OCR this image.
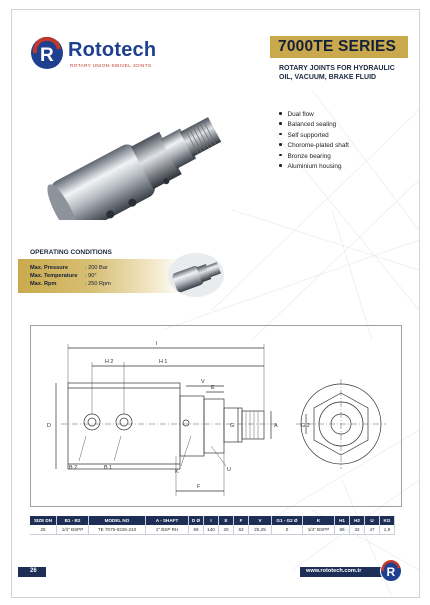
R Rototech
ROTARY UNION-SWIVEL JOINTS
7000TE SERIES
ROTARY JOINTS FOR HYDRAULIC
OIL, VACUUM, BRAKE FLUID
Dual flow
Balanced sealing
Self supported
Chorome-plated shaft
Bronze bearing
Aluminium housing
OPERATING CONDITIONS
Max. Pressure	: 200 Bar
Max. Temperature : 90°
Max. Rpm	: 250 Rpm
I
H 2	H 1
V
E
G	A
D
B 2	B 1
K	U
F
G 2
SIZE DN	B1 - B2	MODEL NO	A - SHAFT	D Ø	I	E	F	V	G1 - G2 Ø	K	H1	H2	U	KG
25	1/4" BSPP	TE 7075-0225-210	1" BSP RH	69	140	20	63	25,25	0	1/4" BSPP	86	32	47	1,9
26	www.rototech.com.tr R
